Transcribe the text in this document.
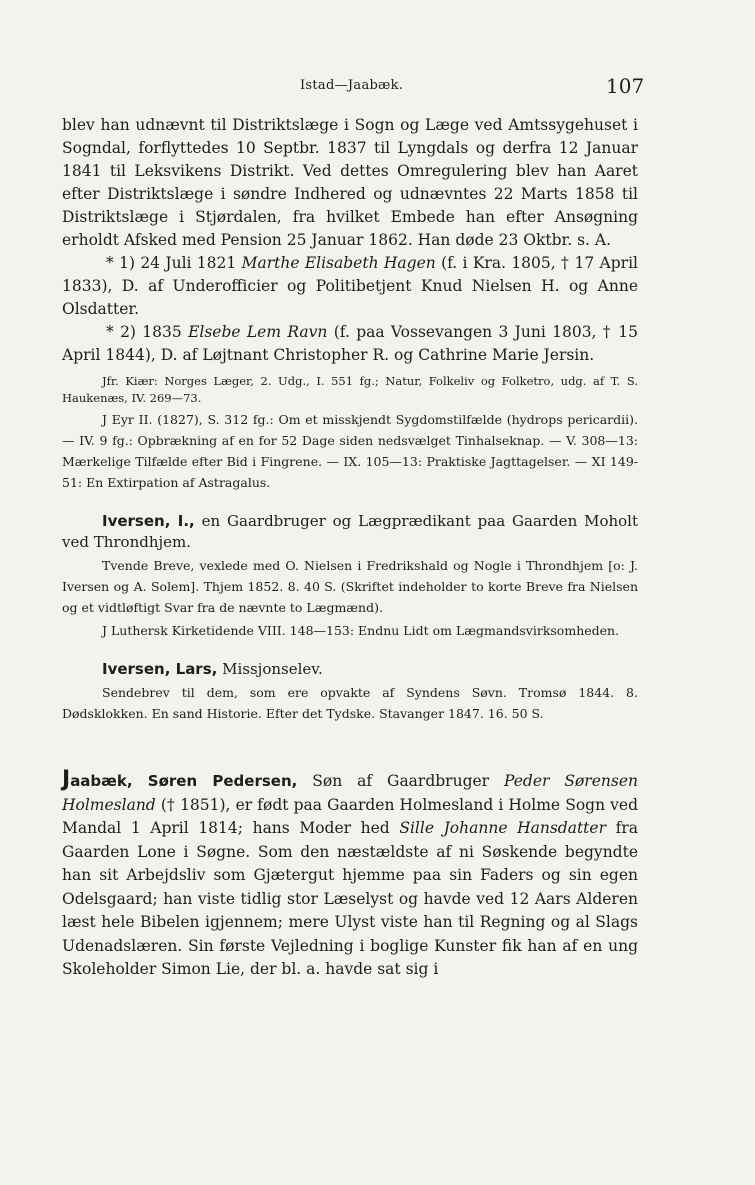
Istad—Jaabæk.	107

blev han udnævnt til Distriktslæge i Sogn og Læge ved Amtssygehuset i Sogndal, forflyttedes 10 Septbr. 1837 til Lyngdals og derfra 12 Januar 1841 til Leksvikens Distrikt. Ved dettes Omregulering blev han Aaret efter Distriktslæge i søndre Indhered og udnævntes 22 Marts 1858 til Distriktslæge i Stjørdalen, fra hvilket Embede han efter Ansøgning erholdt Afsked med Pension 25 Januar 1862. Han døde 23 Oktbr. s. A.

* 1) 24 Juli 1821 Marthe Elisabeth Hagen (f. i Kra. 1805, † 17 April 1833), D. af Underofficier og Politibetjent Knud Nielsen H. og Anne Olsdatter.

* 2) 1835 Elsebe Lem Ravn (f. paa Vossevangen 3 Juni 1803, † 15 April 1844), D. af Løjtnant Christopher R. og Cathrine Marie Jersin.

Jfr. Kiær: Norges Læger, 2. Udg., I. 551 fg.; Natur, Folkeliv og Folketro, udg. af T. S. Haukenæs, IV. 269—73.

J Eyr II. (1827), S. 312 fg.: Om et misskjendt Sygdomstilfælde (hydrops pericardii). — IV. 9 fg.: Opbrækning af en for 52 Dage siden nedsvælget Tinhalseknap. — V. 308—13: Mærkelige Tilfælde efter Bid i Fingrene. — IX. 105—13: Praktiske Jagttagelser. — XI 149-51: En Extirpation af Astragalus.

Iversen, I., en Gaardbruger og Lægprædikant paa Gaarden Moholt ved Throndhjem.

Tvende Breve, vexlede med O. Nielsen i Fredrikshald og Nogle i Throndhjem [o: J. Iversen og A. Solem]. Thjem 1852. 8. 40 S. (Skriftet indeholder to korte Breve fra Nielsen og et vidtløftigt Svar fra de nævnte to Lægmænd).

J Luthersk Kirketidende VIII. 148—153: Endnu Lidt om Lægmandsvirksomheden.

Iversen, Lars, Missjonselev.

Sendebrev til dem, som ere opvakte af Syndens Søvn. Tromsø 1844. 8. Dødsklokken. En sand Historie. Efter det Tydske. Stavanger 1847. 16. 50 S.

Jaabæk, Søren Pedersen, Søn af Gaardbruger Peder Sørensen Holmesland († 1851), er født paa Gaarden Holmesland i Holme Sogn ved Mandal 1 April 1814; hans Moder hed Sille Johanne Hansdatter fra Gaarden Lone i Søgne. Som den næstældste af ni Søskende begyndte han sit Arbejdsliv som Gjætergut hjemme paa sin Faders og sin egen Odelsgaard; han viste tidlig stor Læselyst og havde ved 12 Aars Alderen læst hele Bibelen igjennem; mere Ulyst viste han til Regning og al Slags Udenadslæren. Sin første Vejledning i boglige Kunster fik han af en ung Skoleholder Simon Lie, der bl. a. havde sat sig i
